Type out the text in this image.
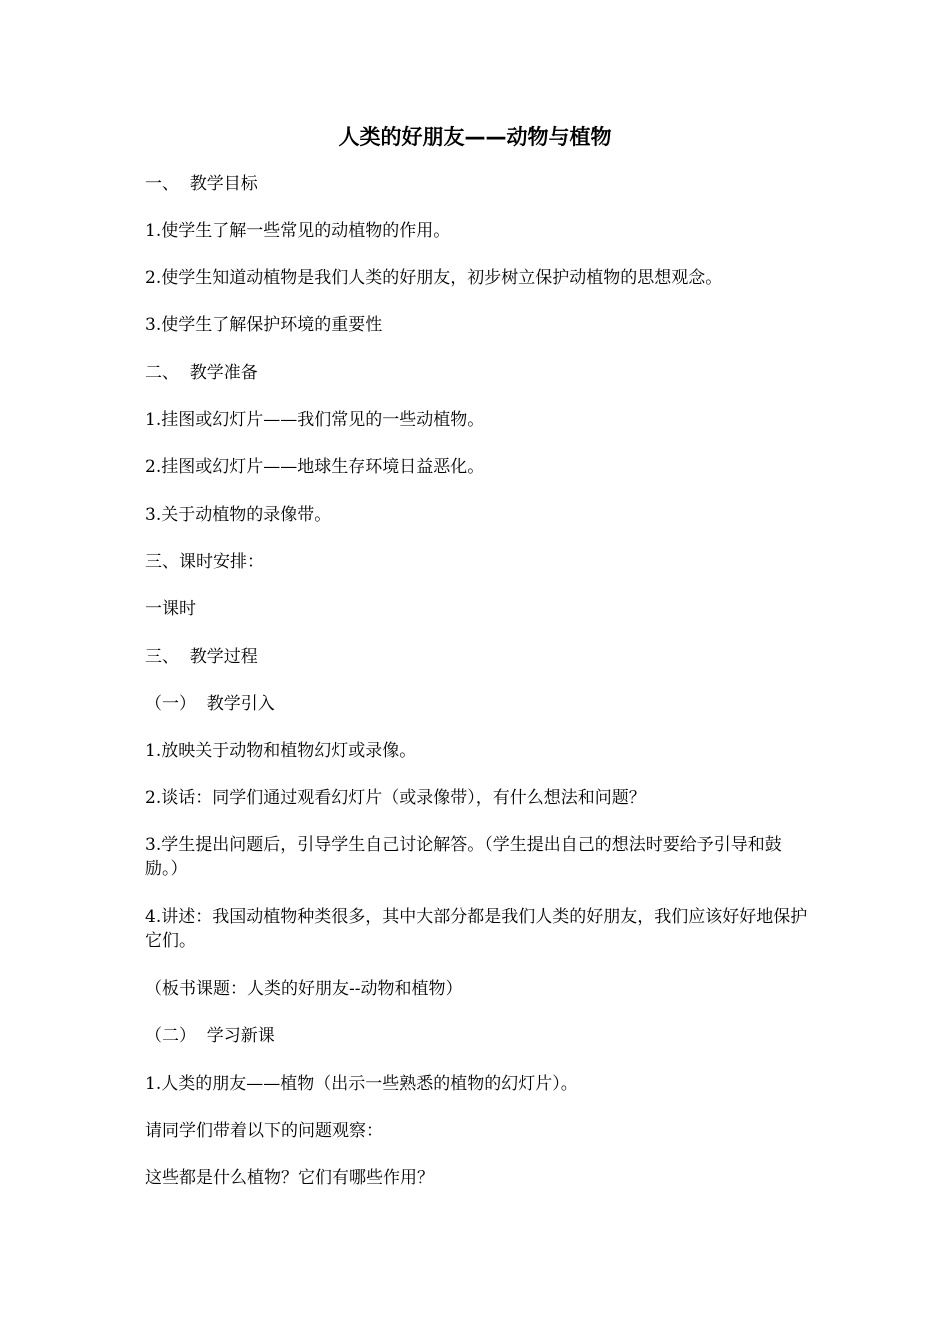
人类的好朋友——动物与植物
一、  教学目标
1.使学生了解一些常见的动植物的作用。
2.使学生知道动植物是我们人类的好朋友，初步树立保护动植物的思想观念。
3.使学生了解保护环境的重要性
二、  教学准备
1.挂图或幻灯片——我们常见的一些动植物。
2.挂图或幻灯片——地球生存环境日益恶化。
3.关于动植物的录像带。
三、课时安排：
一课时
三、  教学过程
（一）  教学引入
1.放映关于动物和植物幻灯或录像。
2.谈话：同学们通过观看幻灯片（或录像带），有什么想法和问题？
3.学生提出问题后，引导学生自己讨论解答。（学生提出自己的想法时要给予引导和鼓励。）
4.讲述：我国动植物种类很多，其中大部分都是我们人类的好朋友，我们应该好好地保护它们。
（板书课题：人类的好朋友--动物和植物）
（二）  学习新课
1.人类的朋友——植物（出示一些熟悉的植物的幻灯片）。
请同学们带着以下的问题观察：
这些都是什么植物？它们有哪些作用？
